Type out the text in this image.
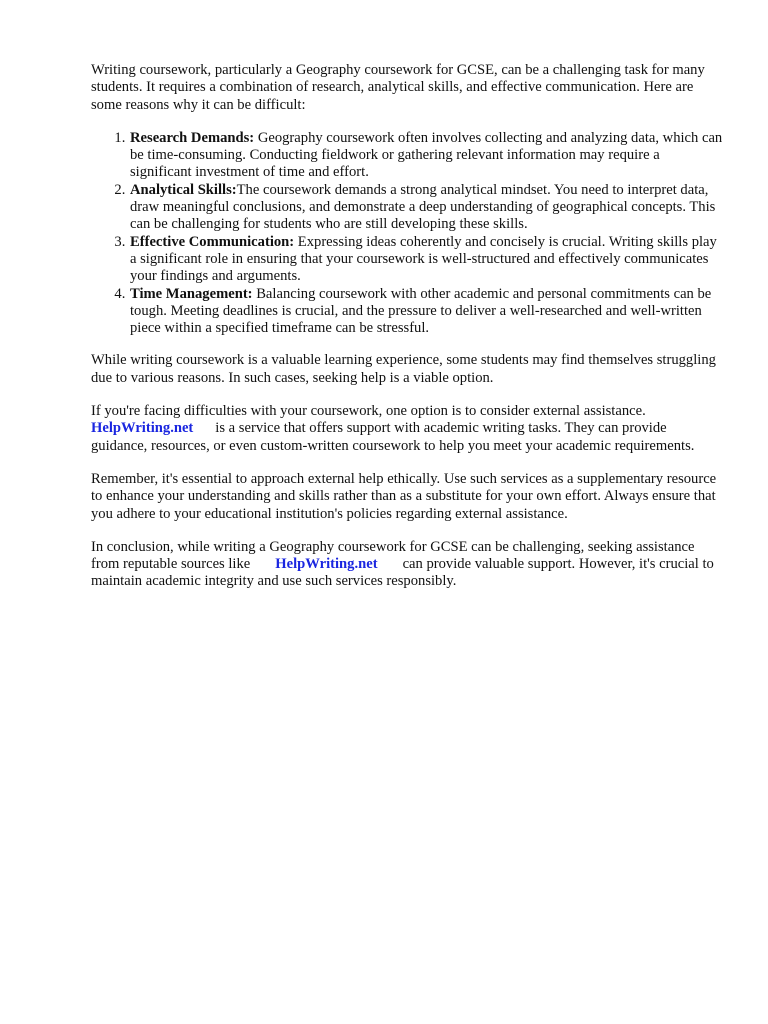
Writing coursework, particularly a Geography coursework for GCSE, can be a challenging task for many students. It requires a combination of research, analytical skills, and effective communication. Here are some reasons why it can be difficult:

1. Research Demands: Geography coursework often involves collecting and analyzing data, which can be time-consuming. Conducting fieldwork or gathering relevant information may require a significant investment of time and effort.
2. Analytical Skills:The coursework demands a strong analytical mindset. You need to interpret data, draw meaningful conclusions, and demonstrate a deep understanding of geographical concepts. This can be challenging for students who are still developing these skills.
3. Effective Communication: Expressing ideas coherently and concisely is crucial. Writing skills play a significant role in ensuring that your coursework is well-structured and effectively communicates your findings and arguments.
4. Time Management: Balancing coursework with other academic and personal commitments can be tough. Meeting deadlines is crucial, and the pressure to deliver a well-researched and well-written piece within a specified timeframe can be stressful.

While writing coursework is a valuable learning experience, some students may find themselves struggling due to various reasons. In such cases, seeking help is a viable option.

If you're facing difficulties with your coursework, one option is to consider external assistance.
HelpWriting.net is a service that offers support with academic writing tasks. They can provide guidance, resources, or even custom-written coursework to help you meet your academic requirements.

Remember, it's essential to approach external help ethically. Use such services as a supplementary resource to enhance your understanding and skills rather than as a substitute for your own effort. Always ensure that you adhere to your educational institution's policies regarding external assistance.

In conclusion, while writing a Geography coursework for GCSE can be challenging, seeking assistance from reputable sources like HelpWriting.net can provide valuable support. However, it's crucial to maintain academic integrity and use such services responsibly.
